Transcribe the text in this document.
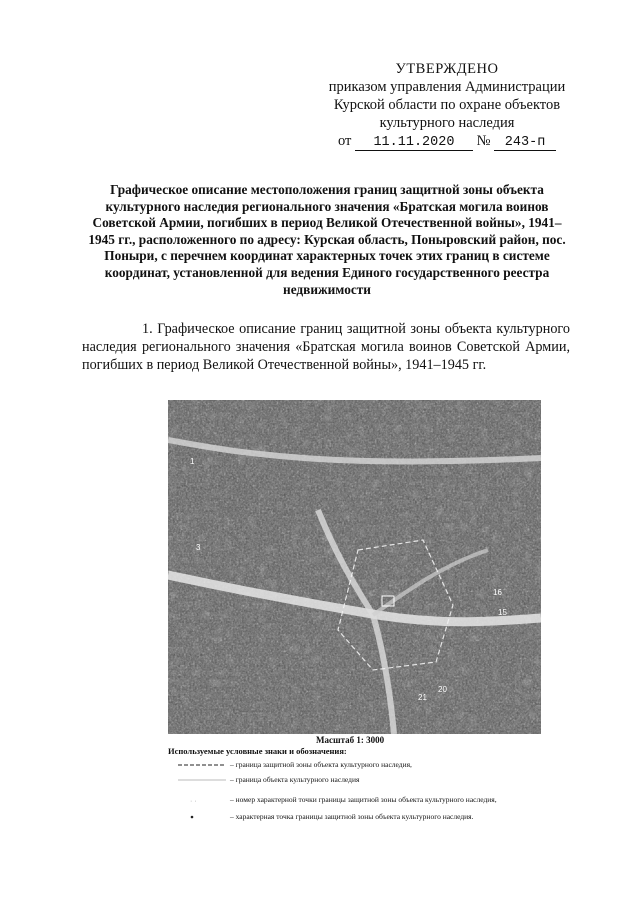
УТВЕРЖДЕНО
приказом управления Администрации
Курской области по охране объектов
культурного наследия
от 11.11.2020 № 243-п
Графическое описание местоположения границ защитной зоны объекта культурного наследия регионального значения «Братская могила воинов Советской Армии, погибших в период Великой Отечественной войны», 1941–1945 гг., расположенного по адресу: Курская область, Поныровский район, пос. Поныри, с перечнем координат характерных точек этих границ в системе координат, установленной для ведения Единого государственного реестра недвижимости
1. Графическое описание границ защитной зоны объекта культурного наследия регионального значения «Братская могила воинов Советской Армии, погибших в период Великой Отечественной войны», 1941–1945 гг.
1
3
16
15
20
21
Масштаб 1: 3000
Используемые условные знаки и обозначения:
– граница защитной зоны объекта культурного наследия,
– граница объекта культурного наследия
· ·	– номер характерной точки границы защитной зоны объекта культурного наследия,
– характерная точка границы защитной зоны объекта культурного наследия.
